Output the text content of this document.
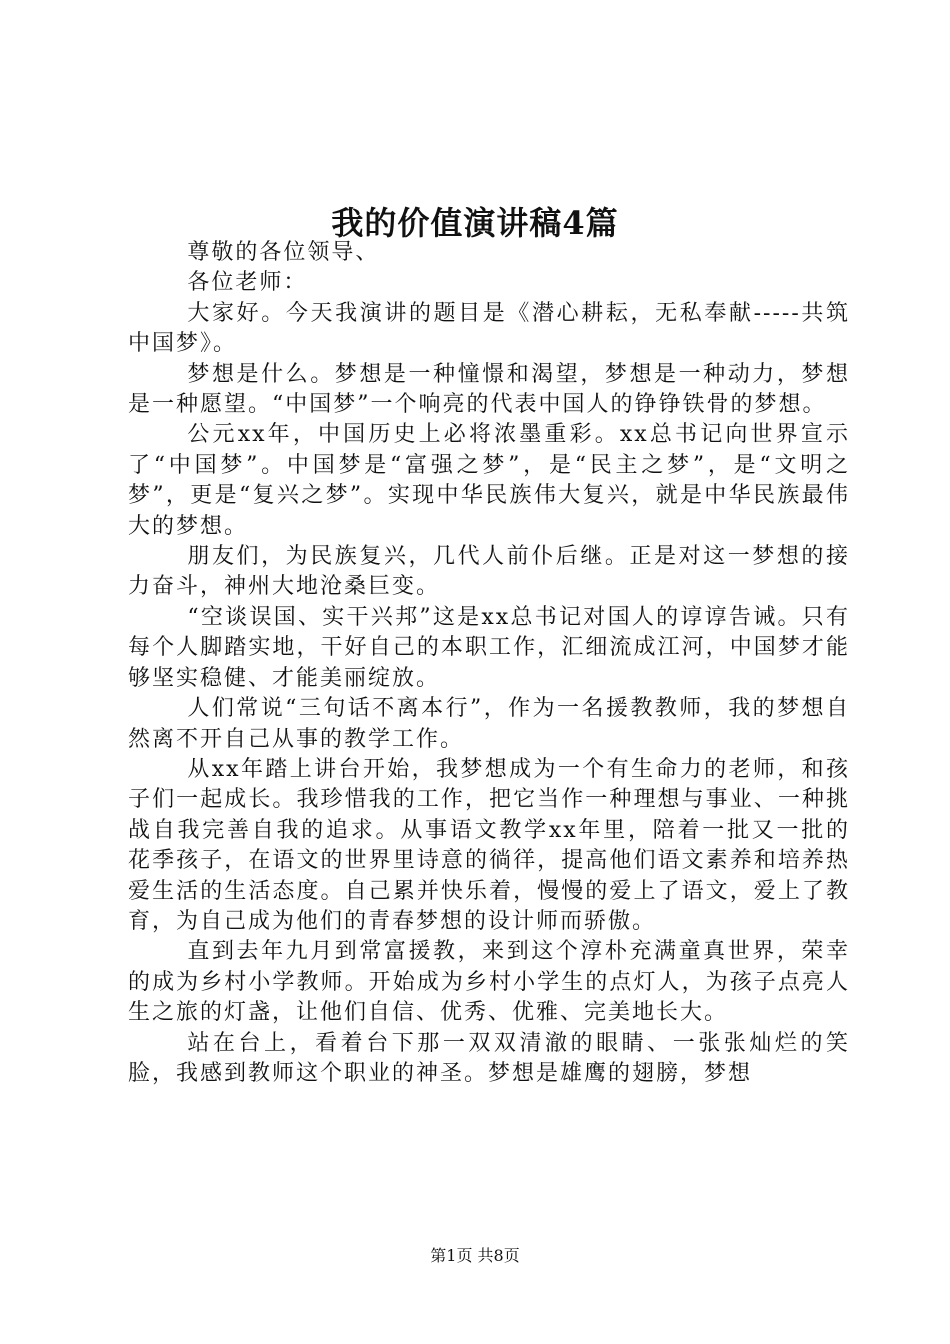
我的价值演讲稿4篇

尊敬的各位领导、

各位老师：

大家好。今天我演讲的题目是《潜心耕耘，无私奉献-----共筑中国梦》。

梦想是什么。梦想是一种憧憬和渴望，梦想是一种动力，梦想是一种愿望。“中国梦”一个响亮的代表中国人的铮铮铁骨的梦想。

公元xx年，中国历史上必将浓墨重彩。xx总书记向世界宣示了“中国梦”。中国梦是“富强之梦”，是“民主之梦”，是“文明之梦”，更是“复兴之梦”。实现中华民族伟大复兴，就是中华民族最伟大的梦想。

朋友们，为民族复兴，几代人前仆后继。正是对这一梦想的接力奋斗，神州大地沧桑巨变。

“空谈误国、实干兴邦”这是xx总书记对国人的谆谆告诫。只有每个人脚踏实地，干好自己的本职工作，汇细流成江河，中国梦才能够坚实稳健、才能美丽绽放。

人们常说“三句话不离本行”，作为一名援教教师，我的梦想自然离不开自己从事的教学工作。

从xx年踏上讲台开始，我梦想成为一个有生命力的老师，和孩子们一起成长。我珍惜我的工作，把它当作一种理想与事业、一种挑战自我完善自我的追求。从事语文教学xx年里，陪着一批又一批的花季孩子，在语文的世界里诗意的徜徉，提高他们语文素养和培养热爱生活的生活态度。自己累并快乐着，慢慢的爱上了语文，爱上了教育，为自己成为他们的青春梦想的设计师而骄傲。

直到去年九月到常富援教，来到这个淳朴充满童真世界，荣幸的成为乡村小学教师。开始成为乡村小学生的点灯人，为孩子点亮人生之旅的灯盏，让他们自信、优秀、优雅、完美地长大。

站在台上，看着台下那一双双清澈的眼睛、一张张灿烂的笑脸，我感到教师这个职业的神圣。梦想是雄鹰的翅膀，梦想

第1页 共8页
